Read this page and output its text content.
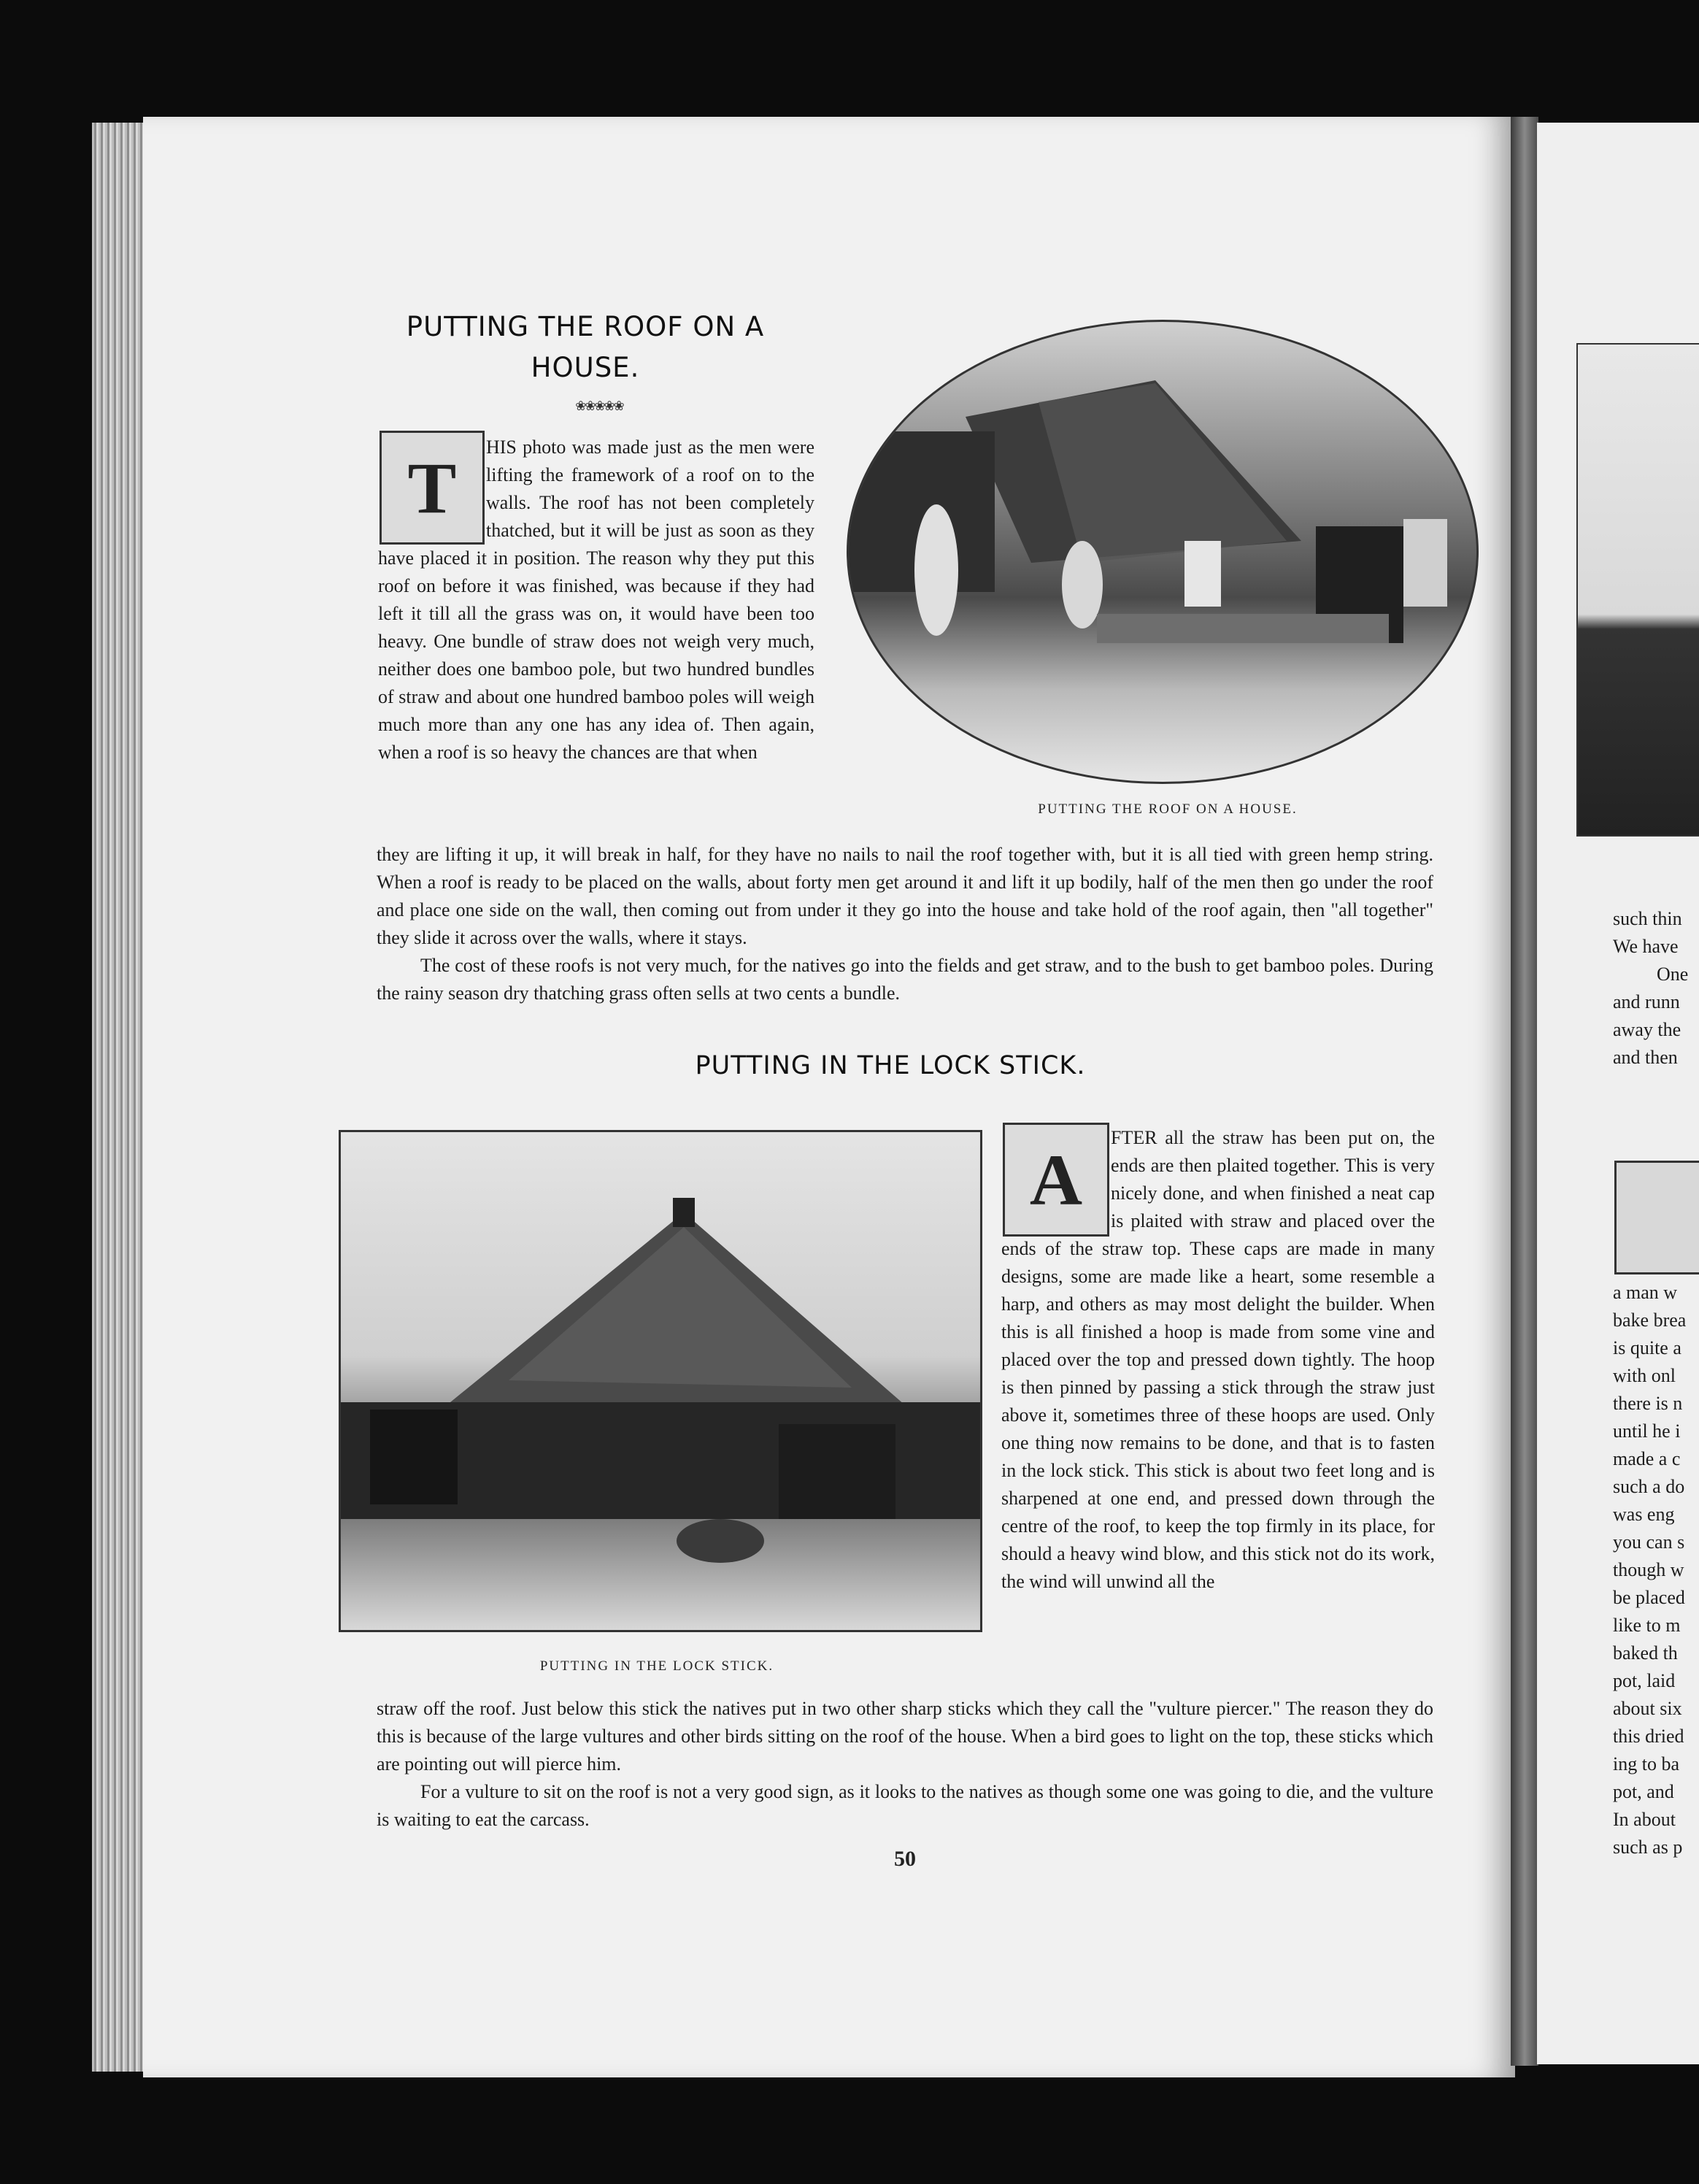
PUTTING THE ROOF ON A HOUSE.
❀❀❀❀❀
T	HIS photo was made just as the men were lifting the framework of a roof on to the walls. The roof has not been completely thatched, but it will be just as soon as they have placed it in position. The reason why they put this roof on before it was finished, was because if they had left it till all the grass was on, it would have been too heavy. One bundle of straw does not weigh very much, neither does one bamboo pole, but two hundred bundles of straw and about one hundred bamboo poles will weigh much more than any one has any idea of. Then again, when a roof is so heavy the chances are that when

PUTTING THE ROOF ON A HOUSE.

they are lifting it up, it will break in half, for they have no nails to nail the roof together with, but it is all tied with green hemp string. When a roof is ready to be placed on the walls, about forty men get around it and lift it up bodily, half of the men then go under the roof and place one side on the wall, then coming out from under it they go into the house and take hold of the roof again, then "all together" they slide it across over the walls, where it stays.

The cost of these roofs is not very much, for the natives go into the fields and get straw, and to the bush to get bamboo poles. During the rainy season dry thatching grass often sells at two cents a bundle.

PUTTING IN THE LOCK STICK.
PUTTING IN THE LOCK STICK.
A

FTER all the straw has been put on, the ends are then plaited together. This is very nicely done, and when finished a neat cap is plaited with straw and placed over the ends of the straw top. These caps are made in many designs, some are made like a heart, some resemble a harp, and others as may most delight the builder. When this is all finished a hoop is made from some vine and placed over the top and pressed down tightly. The hoop is then pinned by passing a stick through the straw just above it, sometimes three of these hoops are used. Only one thing now remains to be done, and that is to fasten in the lock stick. This stick is about two feet long and is sharpened at one end, and pressed down through the centre of the roof, to keep the top firmly in its place, for should a heavy wind blow, and this stick not do its work, the wind will unwind all the

straw off the roof. Just below this stick the natives put in two other sharp sticks which they call the "vulture piercer." The reason they do this is because of the large vultures and other birds sitting on the roof of the house. When a bird goes to light on the top, these sticks which are pointing out will pierce him.

For a vulture to sit on the roof is not a very good sign, as it looks to the natives as though some one was going to die, and the vulture is waiting to eat the carcass.

50
such thin
We have
One
and runn
away the
and then
a man w
bake brea
is quite a
with onl
there is n
until he i
made a c
such a do
was eng
you can s
though w
be placed
like to m
baked th
pot, laid
about six
this dried
ing to ba
pot, and
In about
such as p
